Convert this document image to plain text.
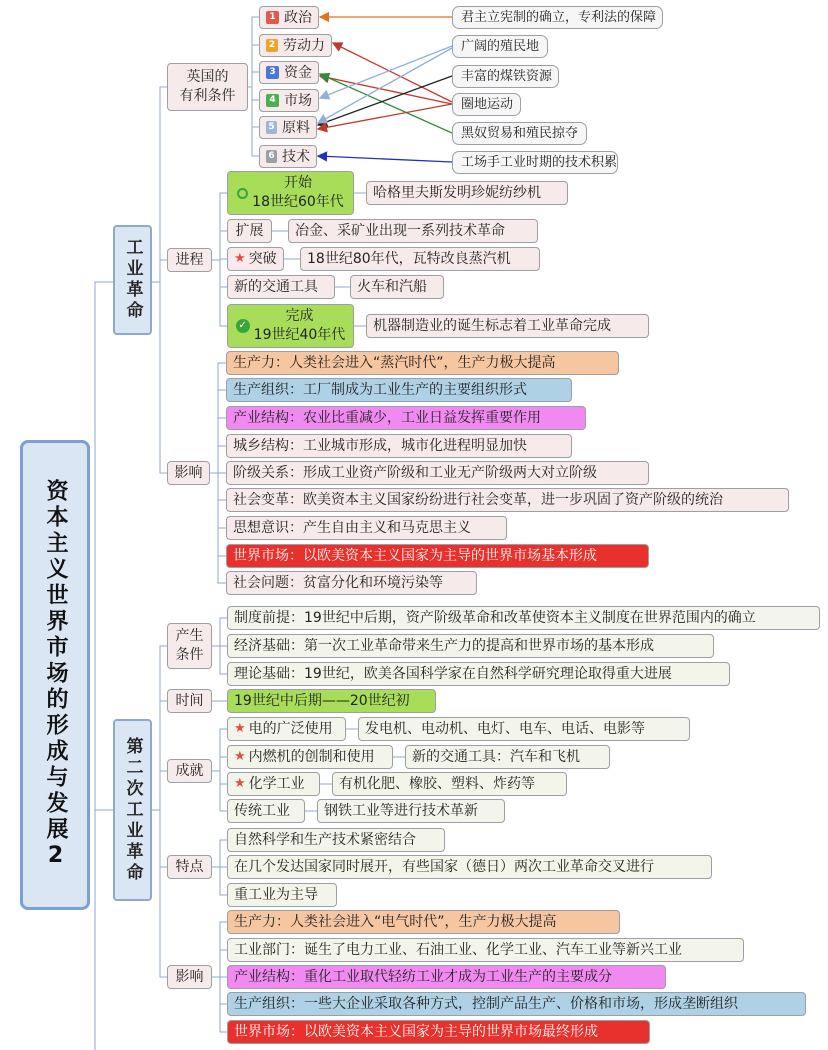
资本主义世界市场的形成与发展2
工业革命
英国的
有利条件
1 政治
2 劳动力
3 资金
4 市场
5 原料
6 技术
君主立宪制的确立，专利法的保障
广阔的殖民地
丰富的煤铁资源
圈地运动
黑奴贸易和殖民掠夺
工场手工业时期的技术积累
进程
开始
18世纪60年代
哈格里夫斯发明珍妮纺纱机
扩展	冶金、采矿业出现一系列技术革命
★ 突破	18世纪80年代，瓦特改良蒸汽机
新的交通工具	火车和汽船
✓
完成
19世纪40年代
机器制造业的诞生标志着工业革命完成
影响
生产力：人类社会进入“蒸汽时代”，生产力极大提高
生产组织：工厂制成为工业生产的主要组织形式
产业结构：农业比重减少，工业日益发挥重要作用
城乡结构：工业城市形成，城市化进程明显加快
阶级关系：形成工业资产阶级和工业无产阶级两大对立阶级
社会变革：欧美资本主义国家纷纷进行社会变革，进一步巩固了资产阶级的统治
思想意识：产生自由主义和马克思主义
世界市场：以欧美资本主义国家为主导的世界市场基本形成
社会问题：贫富分化和环境污染等
第二次工业革命
产生
条件
制度前提：19世纪中后期，资产阶级革命和改革使资本主义制度在世界范围内的确立
经济基础：第一次工业革命带来生产力的提高和世界市场的基本形成
理论基础：19世纪，欧美各国科学家在自然科学研究理论取得重大进展
时间	19世纪中后期——20世纪初
成就
★ 电的广泛使用	发电机、电动机、电灯、电车、电话、电影等
★ 内燃机的创制和使用	新的交通工具：汽车和飞机
★ 化学工业	有机化肥、橡胶、塑料、炸药等
传统工业	钢铁工业等进行技术革新
特点
自然科学和生产技术紧密结合
在几个发达国家同时展开，有些国家（德日）两次工业革命交叉进行
重工业为主导
影响
生产力：人类社会进入“电气时代”，生产力极大提高
工业部门：诞生了电力工业、石油工业、化学工业、汽车工业等新兴工业
产业结构：重化工业取代轻纺工业才成为工业生产的主要成分
生产组织：一些大企业采取各种方式，控制产品生产、价格和市场，形成垄断组织
世界市场：以欧美资本主义国家为主导的世界市场最终形成
